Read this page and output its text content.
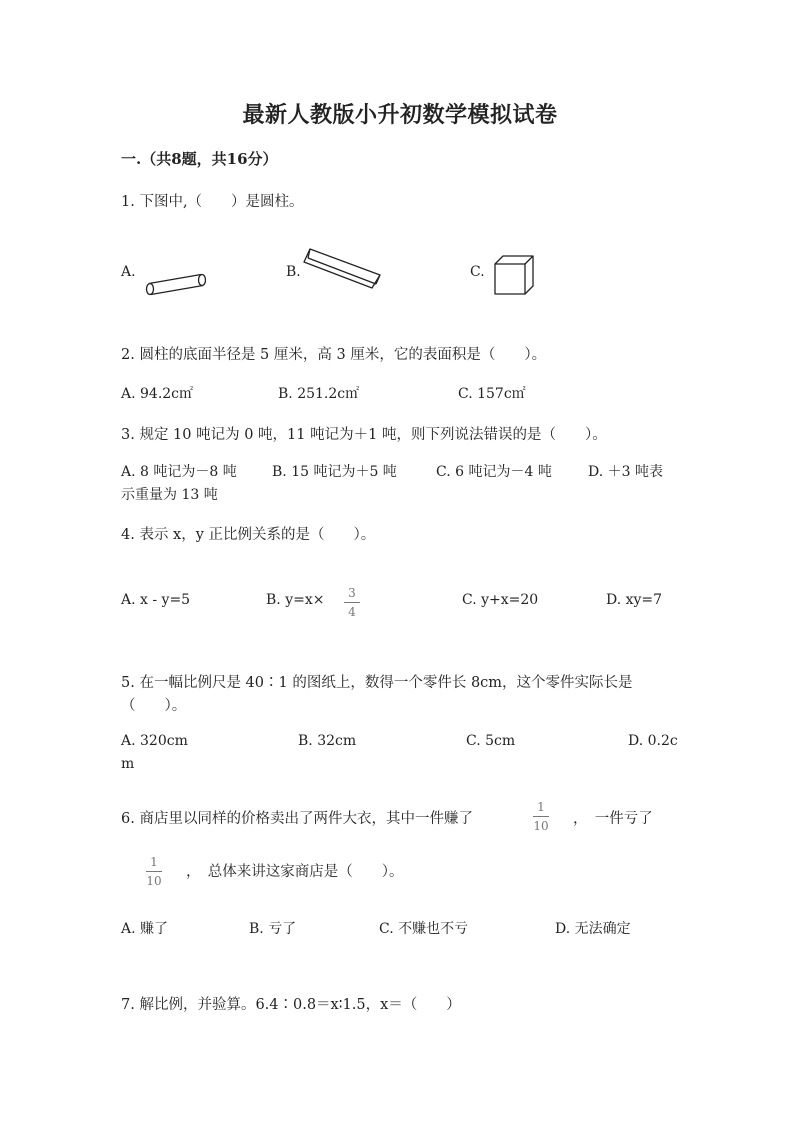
最新人教版小升初数学模拟试卷
一.（共8题，共16分）
1. 下图中,（　　）是圆柱。
A.	B.	C.
2. 圆柱的底面半径是 5 厘米，高 3 厘米，它的表面积是（　　）。
A. 94.2c㎡	B. 251.2c㎡	C. 157c㎡
3. 规定 10 吨记为 0 吨，11 吨记为＋1 吨，则下列说法错误的是（　　）。
A. 8 吨记为－8 吨	B. 15 吨记为＋5 吨	C. 6 吨记为－4 吨	D. ＋3 吨表
示重量为 13 吨
4. 表示 x，y 正比例关系的是（　　）。
A. x - y=5	B. y=x× 3
4
C. y+x=20	D. xy=7
5. 在一幅比例尺是 40∶1 的图纸上，数得一个零件长 8cm，这个零件实际长是
（　　）。
A. 320cm	B. 32cm	C. 5cm	D. 0.2c
m
6. 商店里以同样的价格卖出了两件大衣，其中一件赚了
1
10 ，　一件亏了
1
10
，　总体来讲这家商店是（　　）。
A. 赚了	B. 亏了	C. 不赚也不亏	D. 无法确定
7. 解比例，并验算。6.4∶0.8＝x∶1.5，x＝（　　）
